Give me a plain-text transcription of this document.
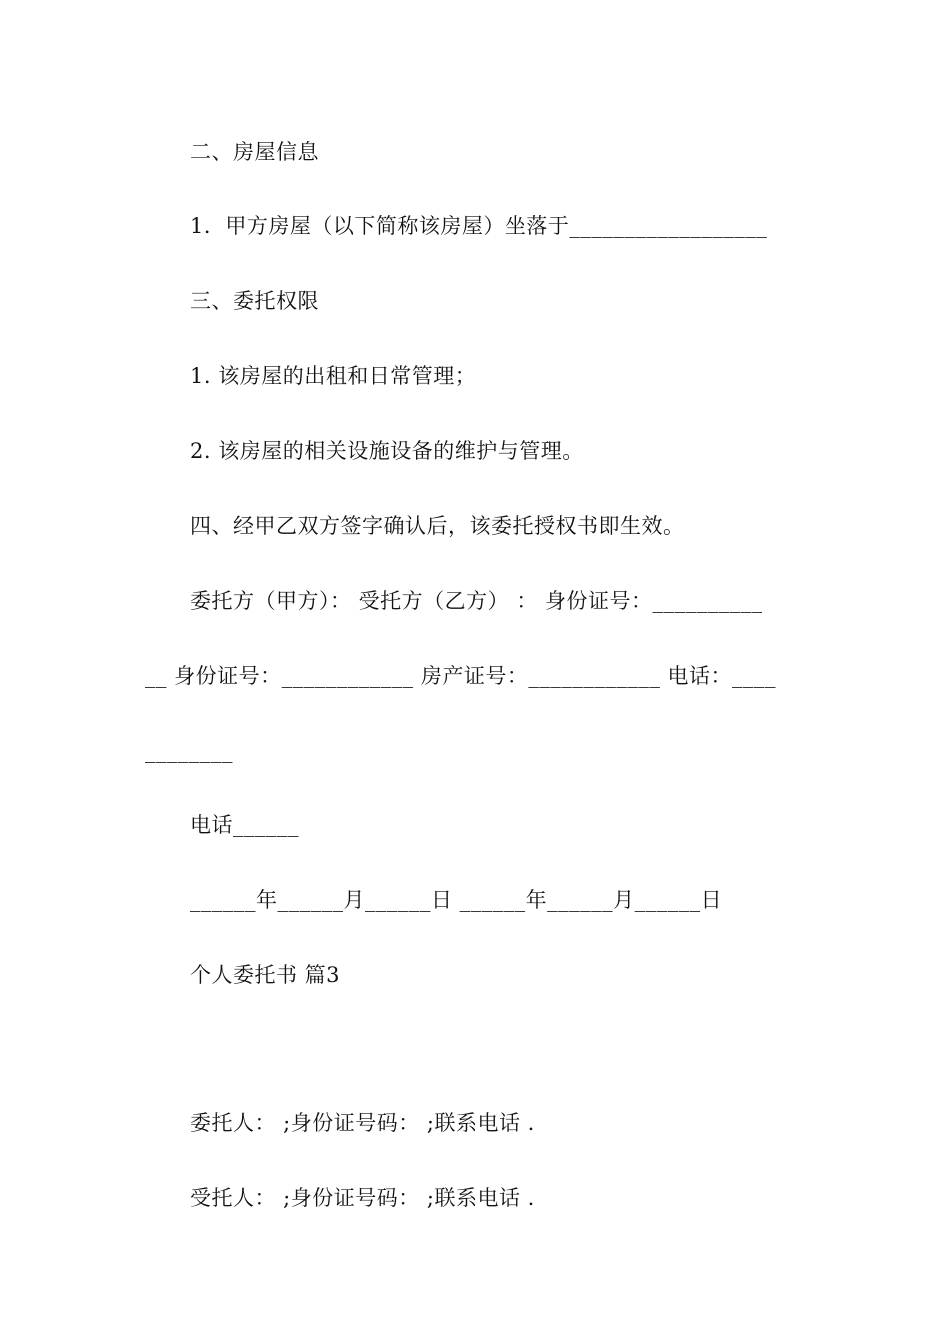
二、房屋信息
1．甲方房屋（以下简称该房屋）坐落于__________________
三、委托权限
1. 该房屋的出租和日常管理；
2. 该房屋的相关设施设备的维护与管理。
四、经甲乙双方签字确认后，该委托授权书即生效。
委托方（甲方）： 受托方（乙方） ： 身份证号：__________
__ 身份证号：____________ 房产证号：____________ 电话：____
________
电话______
______年______月______日 ______年______月______日
个人委托书 篇3
委托人： ;身份证号码： ;联系电话 .
受托人： ;身份证号码： ;联系电话 .
